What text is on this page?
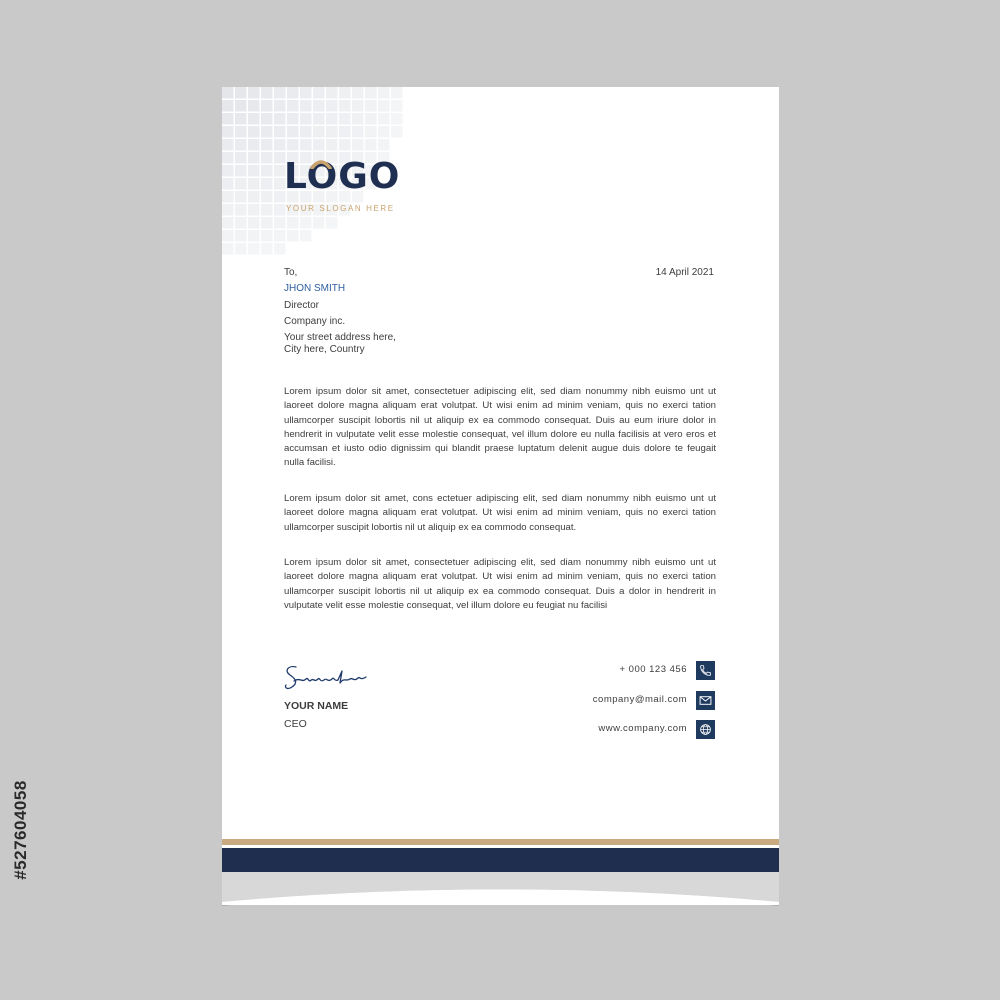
#527604058
LOGO
YOUR SLOGAN HERE
To,	14 April 2021
JHON SMITH
Director
Company inc.
Your street address here,
City here, Country

Lorem ipsum dolor sit amet, consectetuer adipiscing elit, sed diam nonummy nibh euismo unt ut laoreet dolore magna aliquam erat volutpat. Ut wisi enim ad minim veniam, quis no exerci tation ullamcorper suscipit lobortis nil ut aliquip ex ea commodo consequat. Duis au eum iriure dolor in hendrerit in vulputate velit esse molestie consequat, vel illum dolore eu nulla facilisis at vero eros et accumsan et iusto odio dignissim qui blandit praese luptatum delenit augue duis dolore te feugait nulla facilisi.

Lorem ipsum dolor sit amet, cons ectetuer adipiscing elit, sed diam nonummy nibh euismo unt ut laoreet dolore magna aliquam erat volutpat. Ut wisi enim ad minim veniam, quis no exerci tation ullamcorper suscipit lobortis nil ut aliquip ex ea commodo consequat.

Lorem ipsum dolor sit amet, consectetuer adipiscing elit, sed diam nonummy nibh euismo unt ut laoreet dolore magna aliquam erat volutpat. Ut wisi enim ad minim veniam, quis no exerci tation ullamcorper suscipit lobortis nil ut aliquip ex ea commodo consequat. Duis a dolor in hendrerit in vulputate velit esse molestie consequat, vel illum dolore eu feugiat nu facilisi

YOUR NAME
CEO
+ 000 123 456
company@mail.com
www.company.com
